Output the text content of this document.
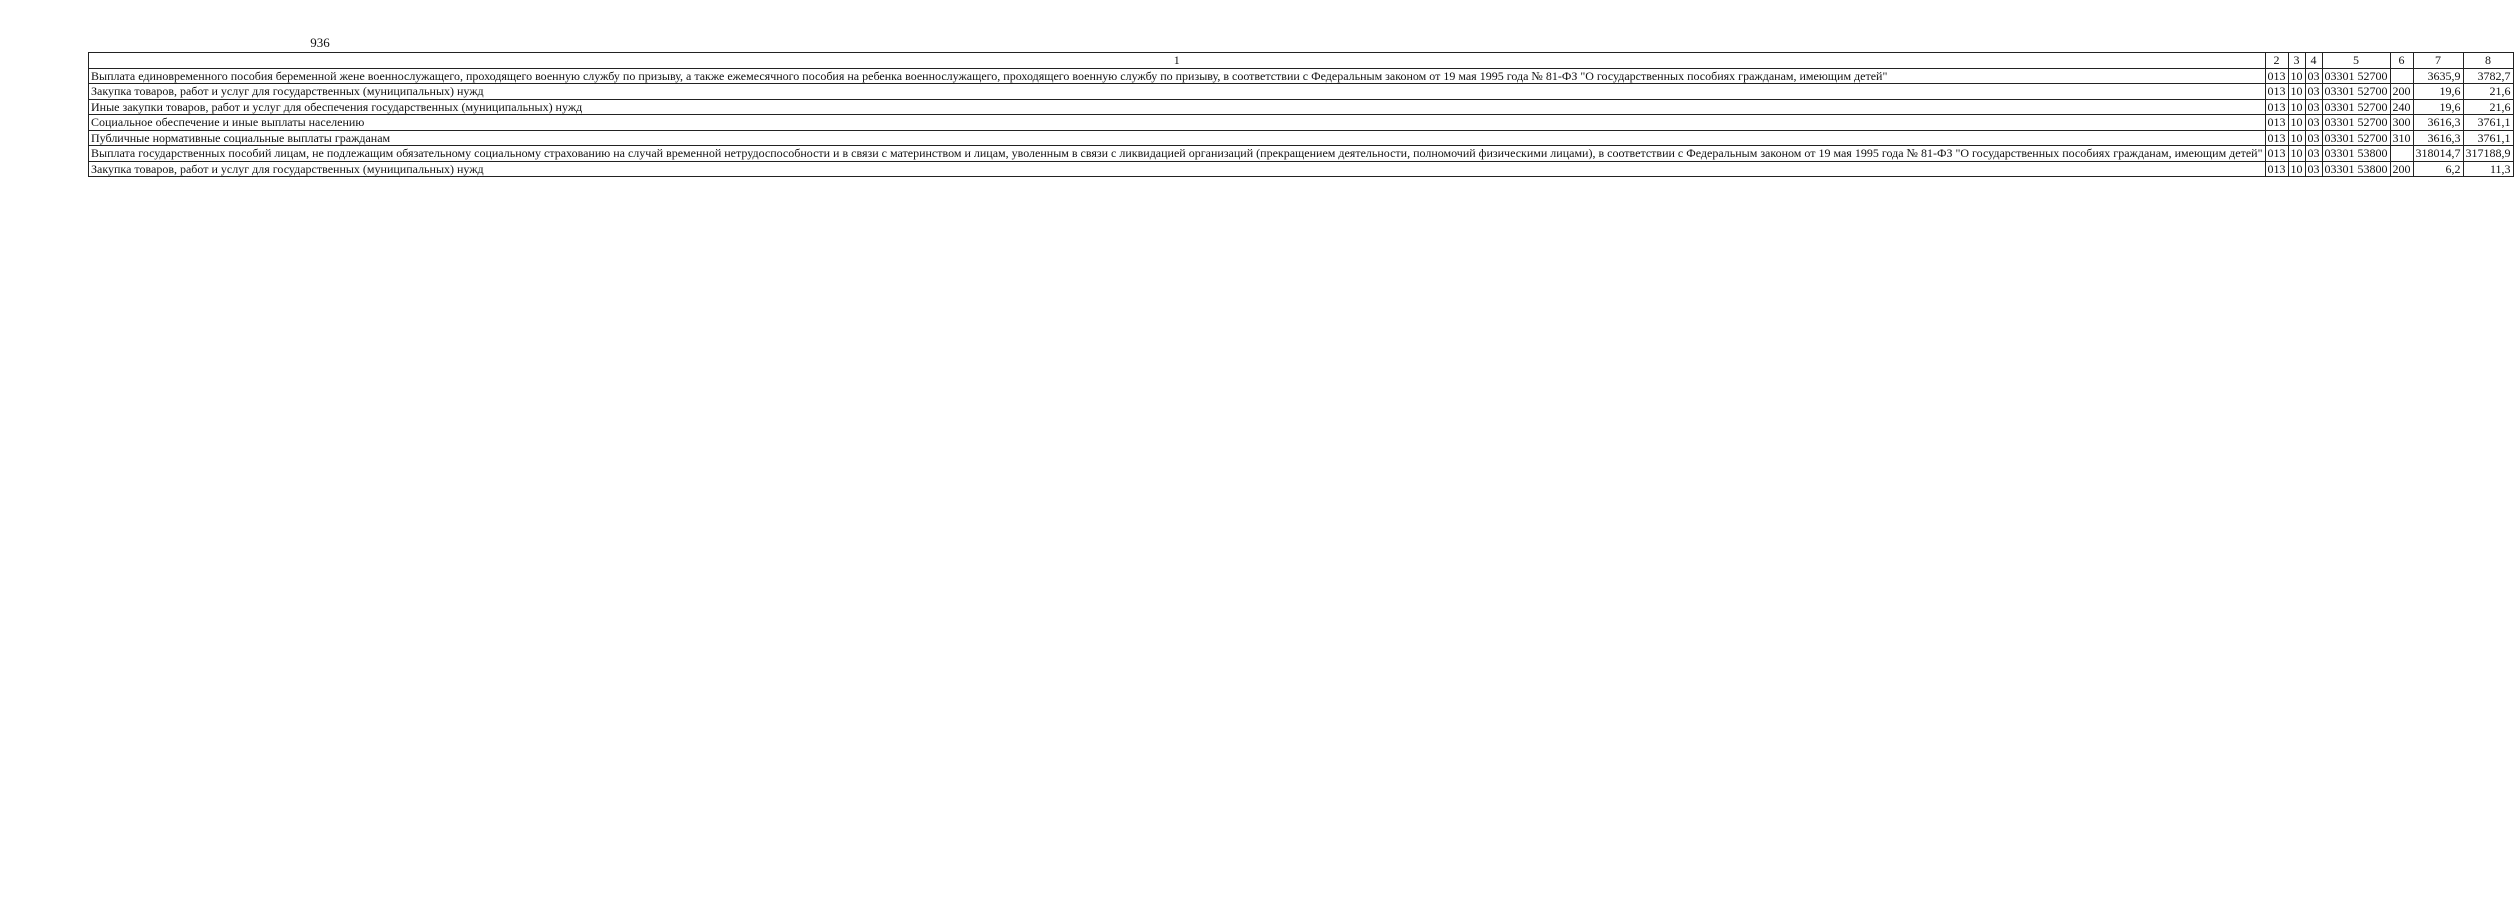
936
1	2	3	4	5	6	7	8
Выплата единовременного пособия беременной жене военнослужащего, проходящего военную службу по призыву, а также ежемесячного пособия на ребенка военнослужащего, проходящего военную службу по призыву, в соответствии с Федеральным законом от 19 мая 1995 года № 81-ФЗ "О государственных пособиях гражданам, имеющим детей"	013	10	03	03301 52700		3635,9	3782,7
Закупка товаров, работ и услуг для государственных (муниципальных) нужд	013	10	03	03301 52700	200	19,6	21,6
Иные закупки товаров, работ и услуг для обеспечения государственных (муниципальных) нужд	013	10	03	03301 52700	240	19,6	21,6
Социальное обеспечение и иные выплаты населению	013	10	03	03301 52700	300	3616,3	3761,1
Публичные нормативные социальные выплаты гражданам	013	10	03	03301 52700	310	3616,3	3761,1
Выплата государственных пособий лицам, не подлежащим обязательному социальному страхованию на случай временной нетрудоспособности и в связи с материнством и лицам, уволенным в связи с ликвидацией организаций (прекращением деятельности, полномочий физическими лицами), в соответствии с Федеральным законом от 19 мая 1995 года № 81-ФЗ "О государственных пособиях гражданам, имеющим детей"	013	10	03	03301 53800		318014,7	317188,9
Закупка товаров, работ и услуг для государственных (муниципальных) нужд	013	10	03	03301 53800	200	6,2	11,3
